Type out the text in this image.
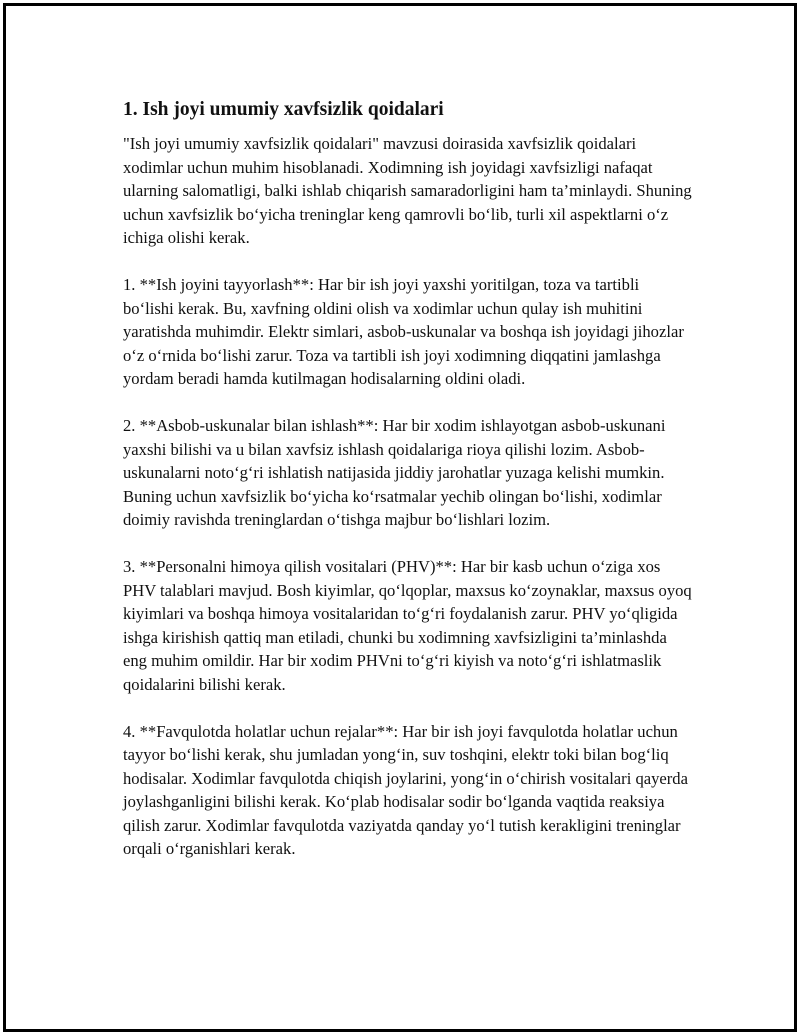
1. Ish joyi umumiy xavfsizlik qoidalari

"Ish joyi umumiy xavfsizlik qoidalari" mavzusi doirasida xavfsizlik qoidalari xodimlar uchun muhim hisoblanadi. Xodimning ish joyidagi xavfsizligi nafaqat ularning salomatligi, balki ishlab chiqarish samaradorligini ham ta’minlaydi. Shuning uchun xavfsizlik bo‘yicha treninglar keng qamrovli bo‘lib, turli xil aspektlarni o‘z ichiga olishi kerak.

1. **Ish joyini tayyorlash**: Har bir ish joyi yaxshi yoritilgan, toza va tartibli bo‘lishi kerak. Bu, xavfning oldini olish va xodimlar uchun qulay ish muhitini yaratishda muhimdir. Elektr simlari, asbob-uskunalar va boshqa ish joyidagi jihozlar o‘z o‘rnida bo‘lishi zarur. Toza va tartibli ish joyi xodimning diqqatini jamlashga yordam beradi hamda kutilmagan hodisalarning oldini oladi.

2. **Asbob-uskunalar bilan ishlash**: Har bir xodim ishlayotgan asbob-uskunani yaxshi bilishi va u bilan xavfsiz ishlash qoidalariga rioya qilishi lozim. Asbob-uskunalarni noto‘g‘ri ishlatish natijasida jiddiy jarohatlar yuzaga kelishi mumkin. Buning uchun xavfsizlik bo‘yicha ko‘rsatmalar yechib olingan bo‘lishi, xodimlar doimiy ravishda treninglardan o‘tishga majbur bo‘lishlari lozim.

3. **Personalni himoya qilish vositalari (PHV)**: Har bir kasb uchun o‘ziga xos PHV talablari mavjud. Bosh kiyimlar, qo‘lqoplar, maxsus ko‘zoynaklar, maxsus oyoq kiyimlari va boshqa himoya vositalaridan to‘g‘ri foydalanish zarur. PHV yo‘qligida ishga kirishish qattiq man etiladi, chunki bu xodimning xavfsizligini ta’minlashda eng muhim omildir. Har bir xodim PHVni to‘g‘ri kiyish va noto‘g‘ri ishlatmaslik qoidalarini bilishi kerak.

4. **Favqulotda holatlar uchun rejalar**: Har bir ish joyi favqulotda holatlar uchun tayyor bo‘lishi kerak, shu jumladan yong‘in, suv toshqini, elektr toki bilan bog‘liq hodisalar. Xodimlar favqulotda chiqish joylarini, yong‘in o‘chirish vositalari qayerda joylashganligini bilishi kerak. Ko‘plab hodisalar sodir bo‘lganda vaqtida reaksiya qilish zarur. Xodimlar favqulotda vaziyatda qanday yo‘l tutish kerakligini treninglar orqali o‘rganishlari kerak.
